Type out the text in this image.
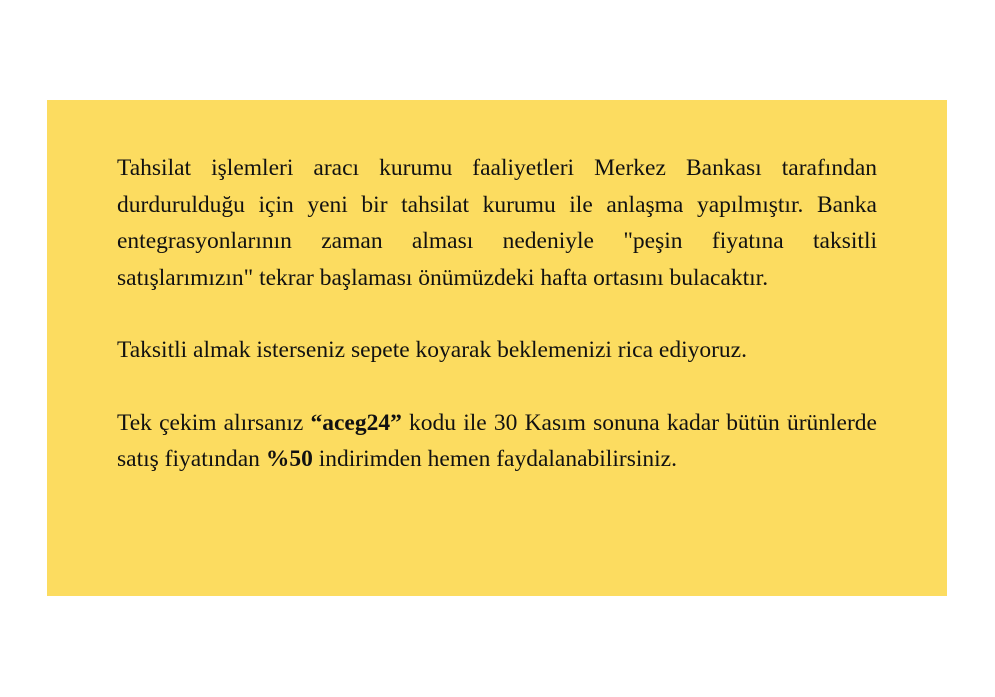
Tahsilat işlemleri aracı kurumu faaliyetleri Merkez Bankası tarafından durdurulduğu için yeni bir tahsilat kurumu ile anlaşma yapılmıştır. Banka entegrasyonlarının zaman alması nedeniyle "peşin fiyatına taksitli satışlarımızın" tekrar başlaması önümüzdeki hafta ortasını bulacaktır.

Taksitli almak isterseniz sepete koyarak beklemenizi rica ediyoruz.

Tek çekim alırsanız “aceg24” kodu ile 30 Kasım sonuna kadar bütün ürünlerde satış fiyatından %50 indirimden hemen faydalanabilirsiniz.
